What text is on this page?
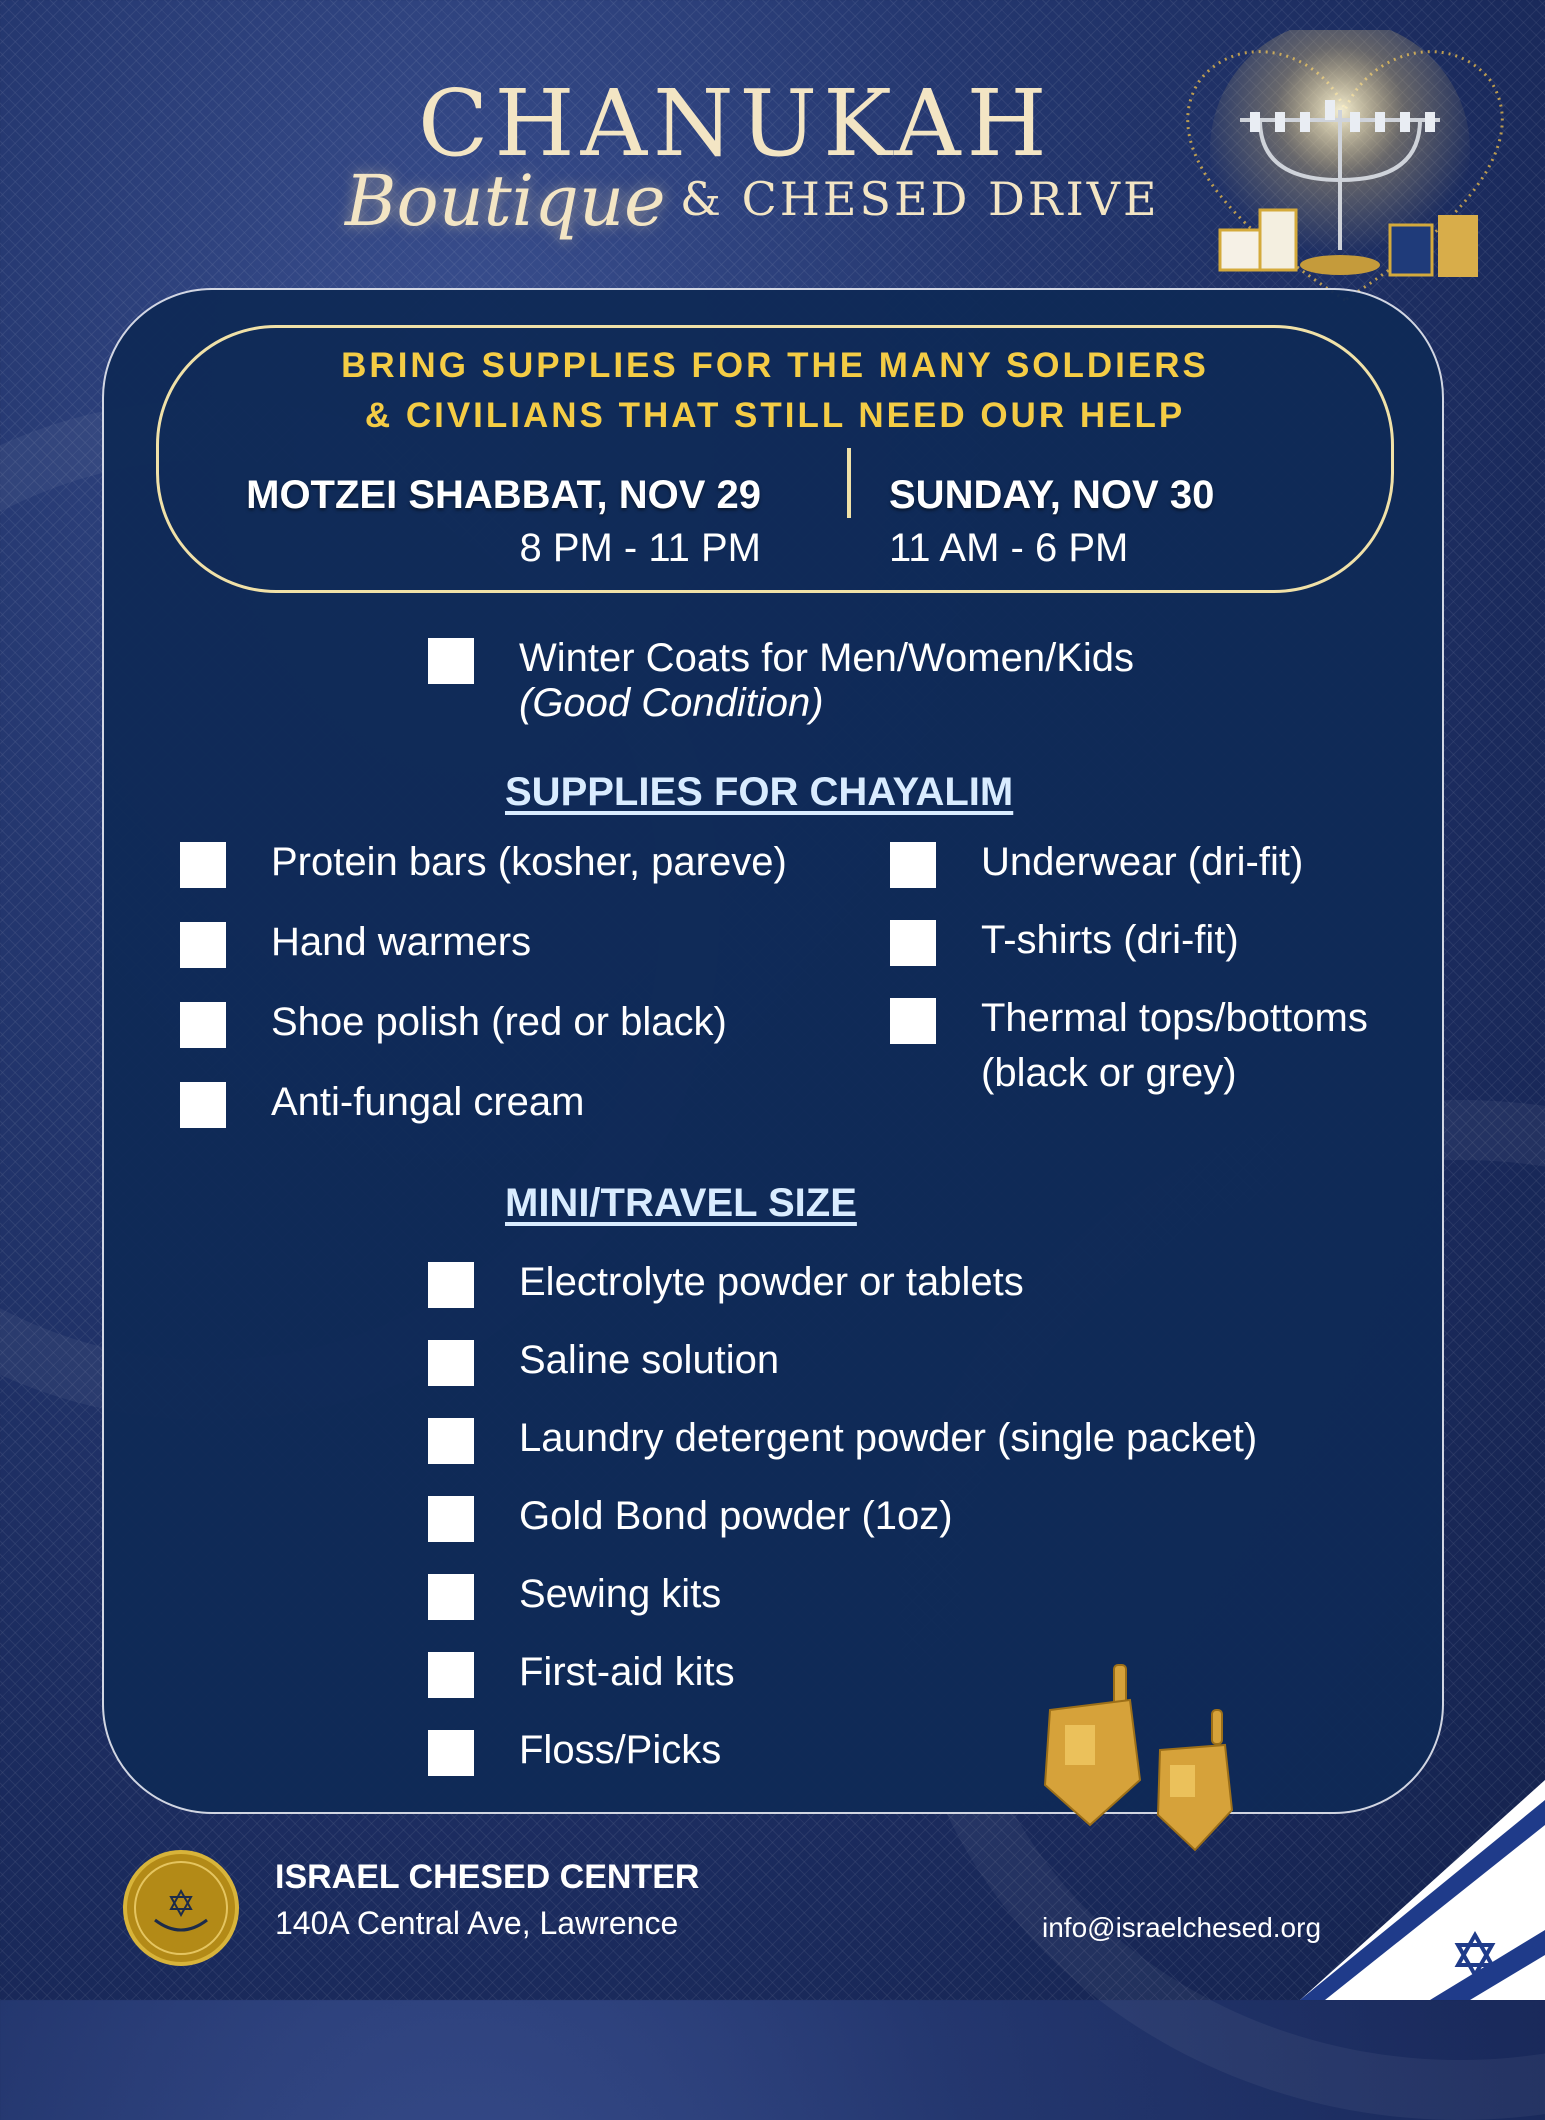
CHANUKAH
Boutique & CHESED DRIVE
BRING SUPPLIES FOR THE MANY SOLDIERS
& CIVILIANS THAT STILL NEED OUR HELP
MOTZEI SHABBAT, NOV 29
8 PM - 11 PM
SUNDAY, NOV 30
11 AM - 6 PM
Winter Coats for Men/Women/Kids
(Good Condition)
SUPPLIES FOR CHAYALIM
Protein bars (kosher, pareve)
Hand warmers
Shoe polish (red or black)
Anti-fungal cream
Underwear (dri-fit)
T-shirts (dri-fit)
Thermal tops/bottoms
(black or grey)
MINI/TRAVEL SIZE
Electrolyte powder or tablets
Saline solution
Laundry detergent powder (single packet)
Gold Bond powder (1oz)
Sewing kits
First-aid kits
Floss/Picks
ISRAEL CHESED CENTER
140A Central Ave, Lawrence	info@israelchesed.org
